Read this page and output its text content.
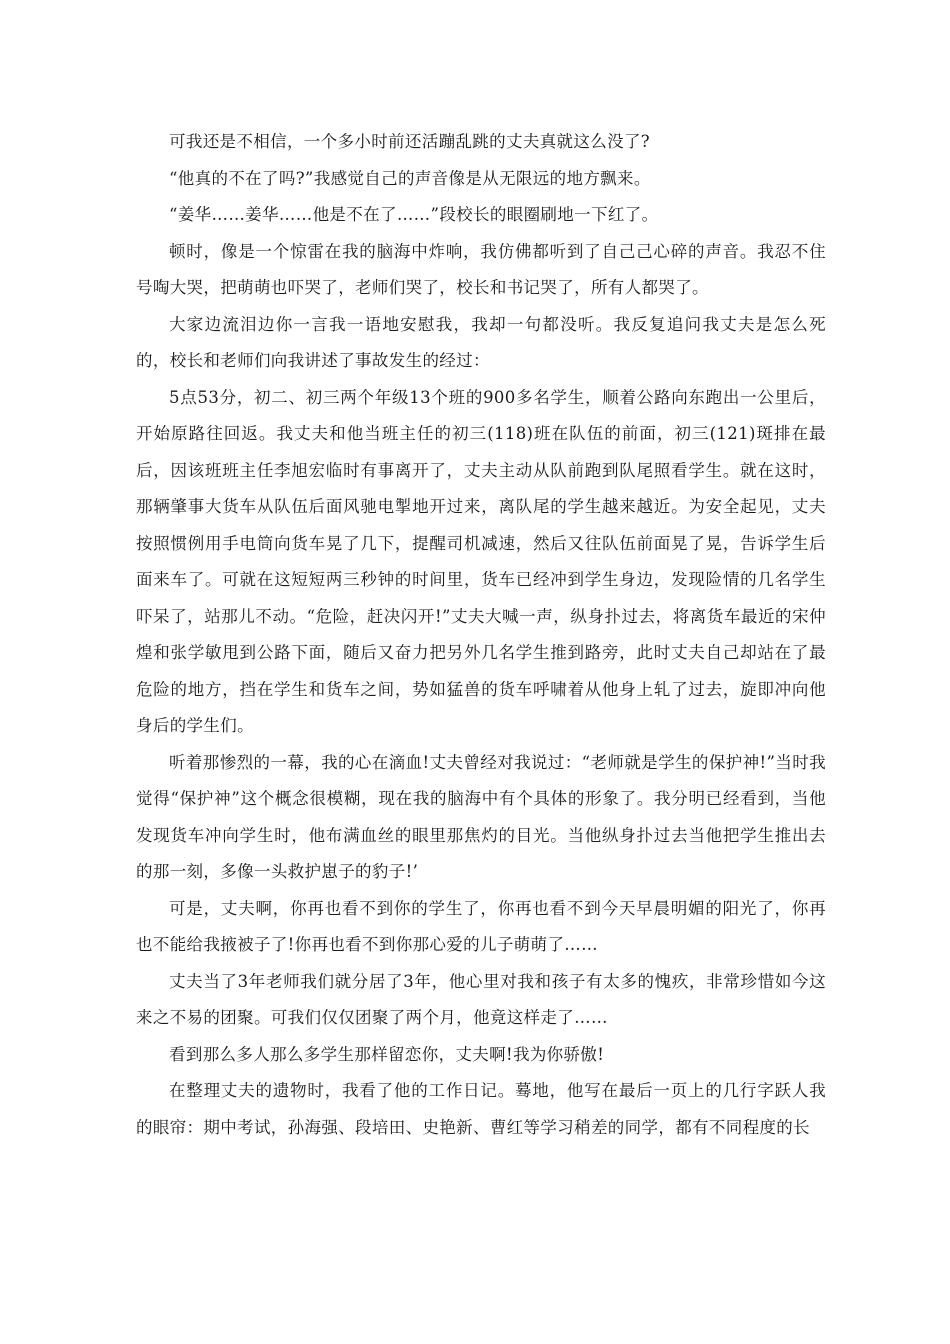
可我还是不相信，一个多小时前还活蹦乱跳的丈夫真就这么没了?

“他真的不在了吗?”我感觉自己的声音像是从无限远的地方飘来。

“姜华……姜华……他是不在了……”段校长的眼圈刷地一下红了。

顿时，像是一个惊雷在我的脑海中炸响，我仿佛都听到了自己己心碎的声音。我忍不住号啕大哭，把萌萌也吓哭了，老师们哭了，校长和书记哭了，所有人都哭了。

大家边流泪边你一言我一语地安慰我，我却一句都没听。我反复追问我丈夫是怎么死的，校长和老师们向我讲述了事故发生的经过：

5点53分，初二、初三两个年级13个班的900多名学生，顺着公路向东跑出一公里后，开始原路往回返。我丈夫和他当班主任的初三(118)班在队伍的前面，初三(121)斑排在最后，因该班班主任李旭宏临时有事离开了，丈夫主动从队前跑到队尾照看学生。就在这时，那辆肇事大货车从队伍后面风驰电掣地开过来，离队尾的学生越来越近。为安全起见，丈夫按照惯例用手电筒向货车晃了几下，提醒司机减速，然后又往队伍前面晃了晃，告诉学生后面来车了。可就在这短短两三秒钟的时间里，货车已经冲到学生身边，发现险情的几名学生吓呆了，站那儿不动。“危险，赶决闪开!”丈夫大喊一声，纵身扑过去，将离货车最近的宋仲煌和张学敏甩到公路下面，随后又奋力把另外几名学生推到路旁，此时丈夫自己却站在了最危险的地方，挡在学生和货车之间，势如猛兽的货车呼啸着从他身上轧了过去，旋即冲向他身后的学生们。

听着那惨烈的一幕，我的心在滴血!丈夫曾经对我说过：“老师就是学生的保护神!”当时我觉得“保护神”这个概念很模糊，现在我的脑海中有个具体的形象了。我分明已经看到，当他发现货车冲向学生时，他布满血丝的眼里那焦灼的目光。当他纵身扑过去当他把学生推出去的那一刻，多像一头救护崽子的豹子!’

可是，丈夫啊，你再也看不到你的学生了，你再也看不到今天早晨明媚的阳光了，你再也不能给我掖被子了!你再也看不到你那心爱的儿子萌萌了……

丈夫当了3年老师我们就分居了3年，他心里对我和孩子有太多的愧疚，非常珍惜如今这来之不易的团聚。可我们仅仅团聚了两个月，他竟这样走了……

看到那么多人那么多学生那样留恋你，丈夫啊!我为你骄傲!

在整理丈夫的遗物时，我看了他的工作日记。蓦地，他写在最后一页上的几行字跃人我的眼帘：期中考试，孙海强、段培田、史艳新、曹红等学习稍差的同学，都有不同程度的长
